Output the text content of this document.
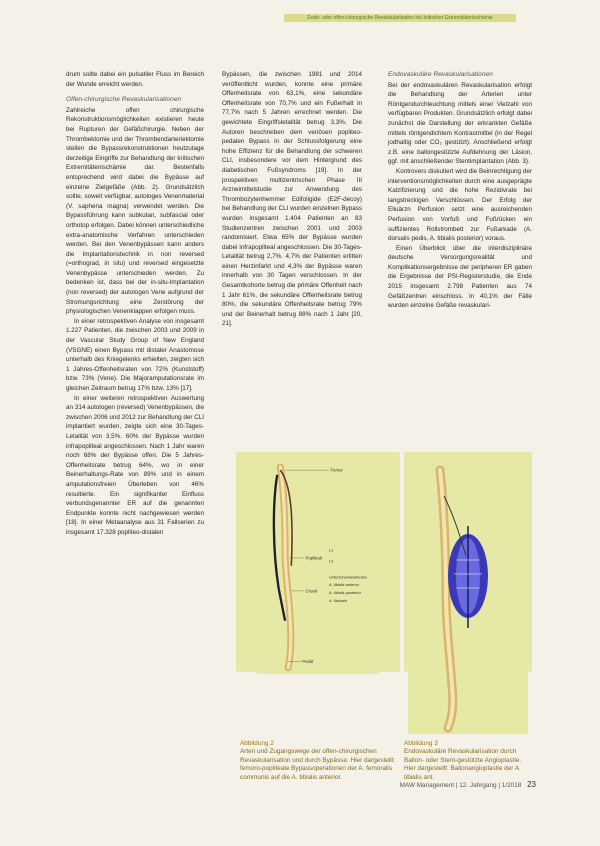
Endo- oder offen-chirurgische Revaskularisation bei kritischer Extremitätenischämie

drum sollte dabei ein pulsatiler Fluss im Bereich der Wunde erreicht werden.

Offen-chirurgische Revaskularisationen

Zahlreiche offen chirurgische Rekonstruktionsmöglichkeiten existieren heute bei Rupturen der Gefäßchirurgie. Neben der Thrombektomie und der Thrombendarteriektomie stellen die Bypassrekonstruktionen heutzutage derzeitige Eingriffe zur Behandlung der kritischen Extremitätenischämie dar. Bestenfalls entsprechend wird dabei die Bypässe auf einzelne Zielgefäße (Abb. 2). Grundsätzlich sollte, soweit verfügbar, autologes Venenmaterial (V. saphena magna) verwendet werden. Die Bypassführung kann subkutan, subfascial oder orthotop erfolgen. Dabei können unterschiedliche extra-anatomische Verfahren unterschieden werden. Bei den Venenbypässen kann anders die Implantationstechnik in non reversed (=orthograd, in situ) und reversed eingesetzte Venenbypässe unterschieden werden. Zu bedenken ist, dass bei der in-situ-Implantation (non reversed) der autologen Vene aufgrund der Stromungsrichtung eine Zerstörung der physiologischen Venenklappen erfolgen muss.

In einer retrospektiven Analyse von insgesamt 1.227 Patienten, die zwischen 2003 und 2009 in der Vascular Study Group of New England (VSGNE) einen Bypass mit distaler Anastomose unterhalb des Kniegelenks erhielten, zeigten sich 1 Jahres-Offenheitsraten von 72% (Kunststoff) bzw. 73% (Vene). Die Majoramputationsrate im gleichen Zeitraum betrug 17% bzw. 13% [17].

In einer weiteren retrospektiven Auswertung an 314 autologen (reversed) Venenbypässen, die zwischen 2006 und 2012 zur Behandlung der CLI implantiert wurden, zeigte sich eine 30-Tages-Letalität von 3,5%. 60% der Bypässe wurden infrapopliteal angeschlossen. Nach 1 Jahr waren noch 68% der Bypässe offen. Die 5 Jahres-Offenheitsrate betrug 64%, wo in einer Beinerhaltungs-Rate von 89% und in einem amputationsfreien Überleben von 46% resultierte. Ein signifikanter Einfluss verbundsgenannter ER auf die genannten Endpunkte konnte nicht nachgewiesen werden [18]. In einer Metaanalyse aus 31 Fallserien zu insgesamt 17.328 popliteo-distalen

Bypässen, die zwischen 1981 und 2014 veröffentlicht wurden, konnte eine primäre Offenheitsrate von 63,1%, eine sekundäre Offenheitsrate von 70,7% und ein Fußerhalt in 77,7% nach 5 Jahren errechnet werden. Die gewichtete Eingriffsletalität betrug 3,3%. Die Autoren beschreiben dem venösen popliteo-pedalen Bypass in der Schlussfolgerung eine hohe Effizienz für die Behandlung der schweren CLI, insbesondere vor dem Hintergrund des diabetischen Fußsyndroms [19]. In der prospektiven multizentrischen Phase III Arzneimittelstudie zur Anwendung des Thrombozytenhemmer Edifoligide (E2F-decoy) bei Behandlung der CLI wurden einzelnen Bypass wurden insgesamt 1.404 Patienten an 83 Studienzentren zwischen 2001 und 2003 randomisiert. Etwa 65% der Bypässe wurden dabei infrapopliteal angeschlossen. Die 30-Tages-Letalität betrug 2,7%. 4,7% der Patienten erlitten einen Herzinfarkt und 4,3% der Bypässe waren innerhalb von 30 Tagen verschlossen. In der Gesamtkohorte betrug die primäre Offenheit nach 1 Jahr 61%, die sekundäre Offenheitsrate betrug 80%, die sekundäre Offenheitsrate betrug 79% und der Beinerhalt betrug 88% nach 1 Jahr [20, 21].

Endovaskuläre Revaskularisationen

Bei der endovaskulären Revaskularisation erfolgt die Behandlung der Arterien unter Röntgendurchleuchtung mittels einer Vielzahl von verfügbaren Produkten. Grundsätzlich erfolgt dabei zunächst die Darstellung der erkrankten Gefäße mittels röntgendichtem Kontrastmittel (in der Regel jodhaltig oder CO₂ gestützt). Anschließend erfolgt z.B. eine ballongestützte Aufdehnung der Läsion, ggf. mit anschließender Stentimplantation (Abb. 3).

Kontrovers diskutiert wird die Beinrechtigung der interventionsmöglichkeiten durch eine ausgeprägte Kalzifizierung und die hohe Rezidivrate bei langstreckigen Verschlüssen. Der Erfolg der Eliuärzn Perfusion setzt eine ausreichenden Perfusion von Vorfuß und Fußrücken ein suffizientes Rollstrombett zur Fußarkade (A. dorsalis pedis, A. tibialis posterior) voraus.

Einen Überblick über die interdisziplinäre deutsche Versorgungsrealität und Komplikationsergebnisse der peripheren ER gaben die Ergebnisse der PSI-Registerstudie, die Ende 2015 insgesamt 2.798 Patienten aus 74 Gefäßzentren einschloss. In 40,1% der Fälle wurden einzelne Gefäße revaskulari-

Femur
Popliteal
L1
L2
Crural
Unterschenkelarterien
A. tibialis anterior
A. tibialis posterior
A. fibularis
Pedal
Abbildung 2
Arten und Zugangswege der offen-chirurgischen Revaskularisation und durch Bypässe. Hier dargestellt: femoro-popliteale Bypassoperationen der A. femoralis communis auf die A. tibialis anterior.
Abbildung 3
Endovaskuläre Revaskularisation durch Ballon- oder Stent-gestützte Angioplastie. Hier dargestellt: Ballonangioplastie der A. tibialis ant.
MAW Management | 12. Jahrgang | 1/2018 23
